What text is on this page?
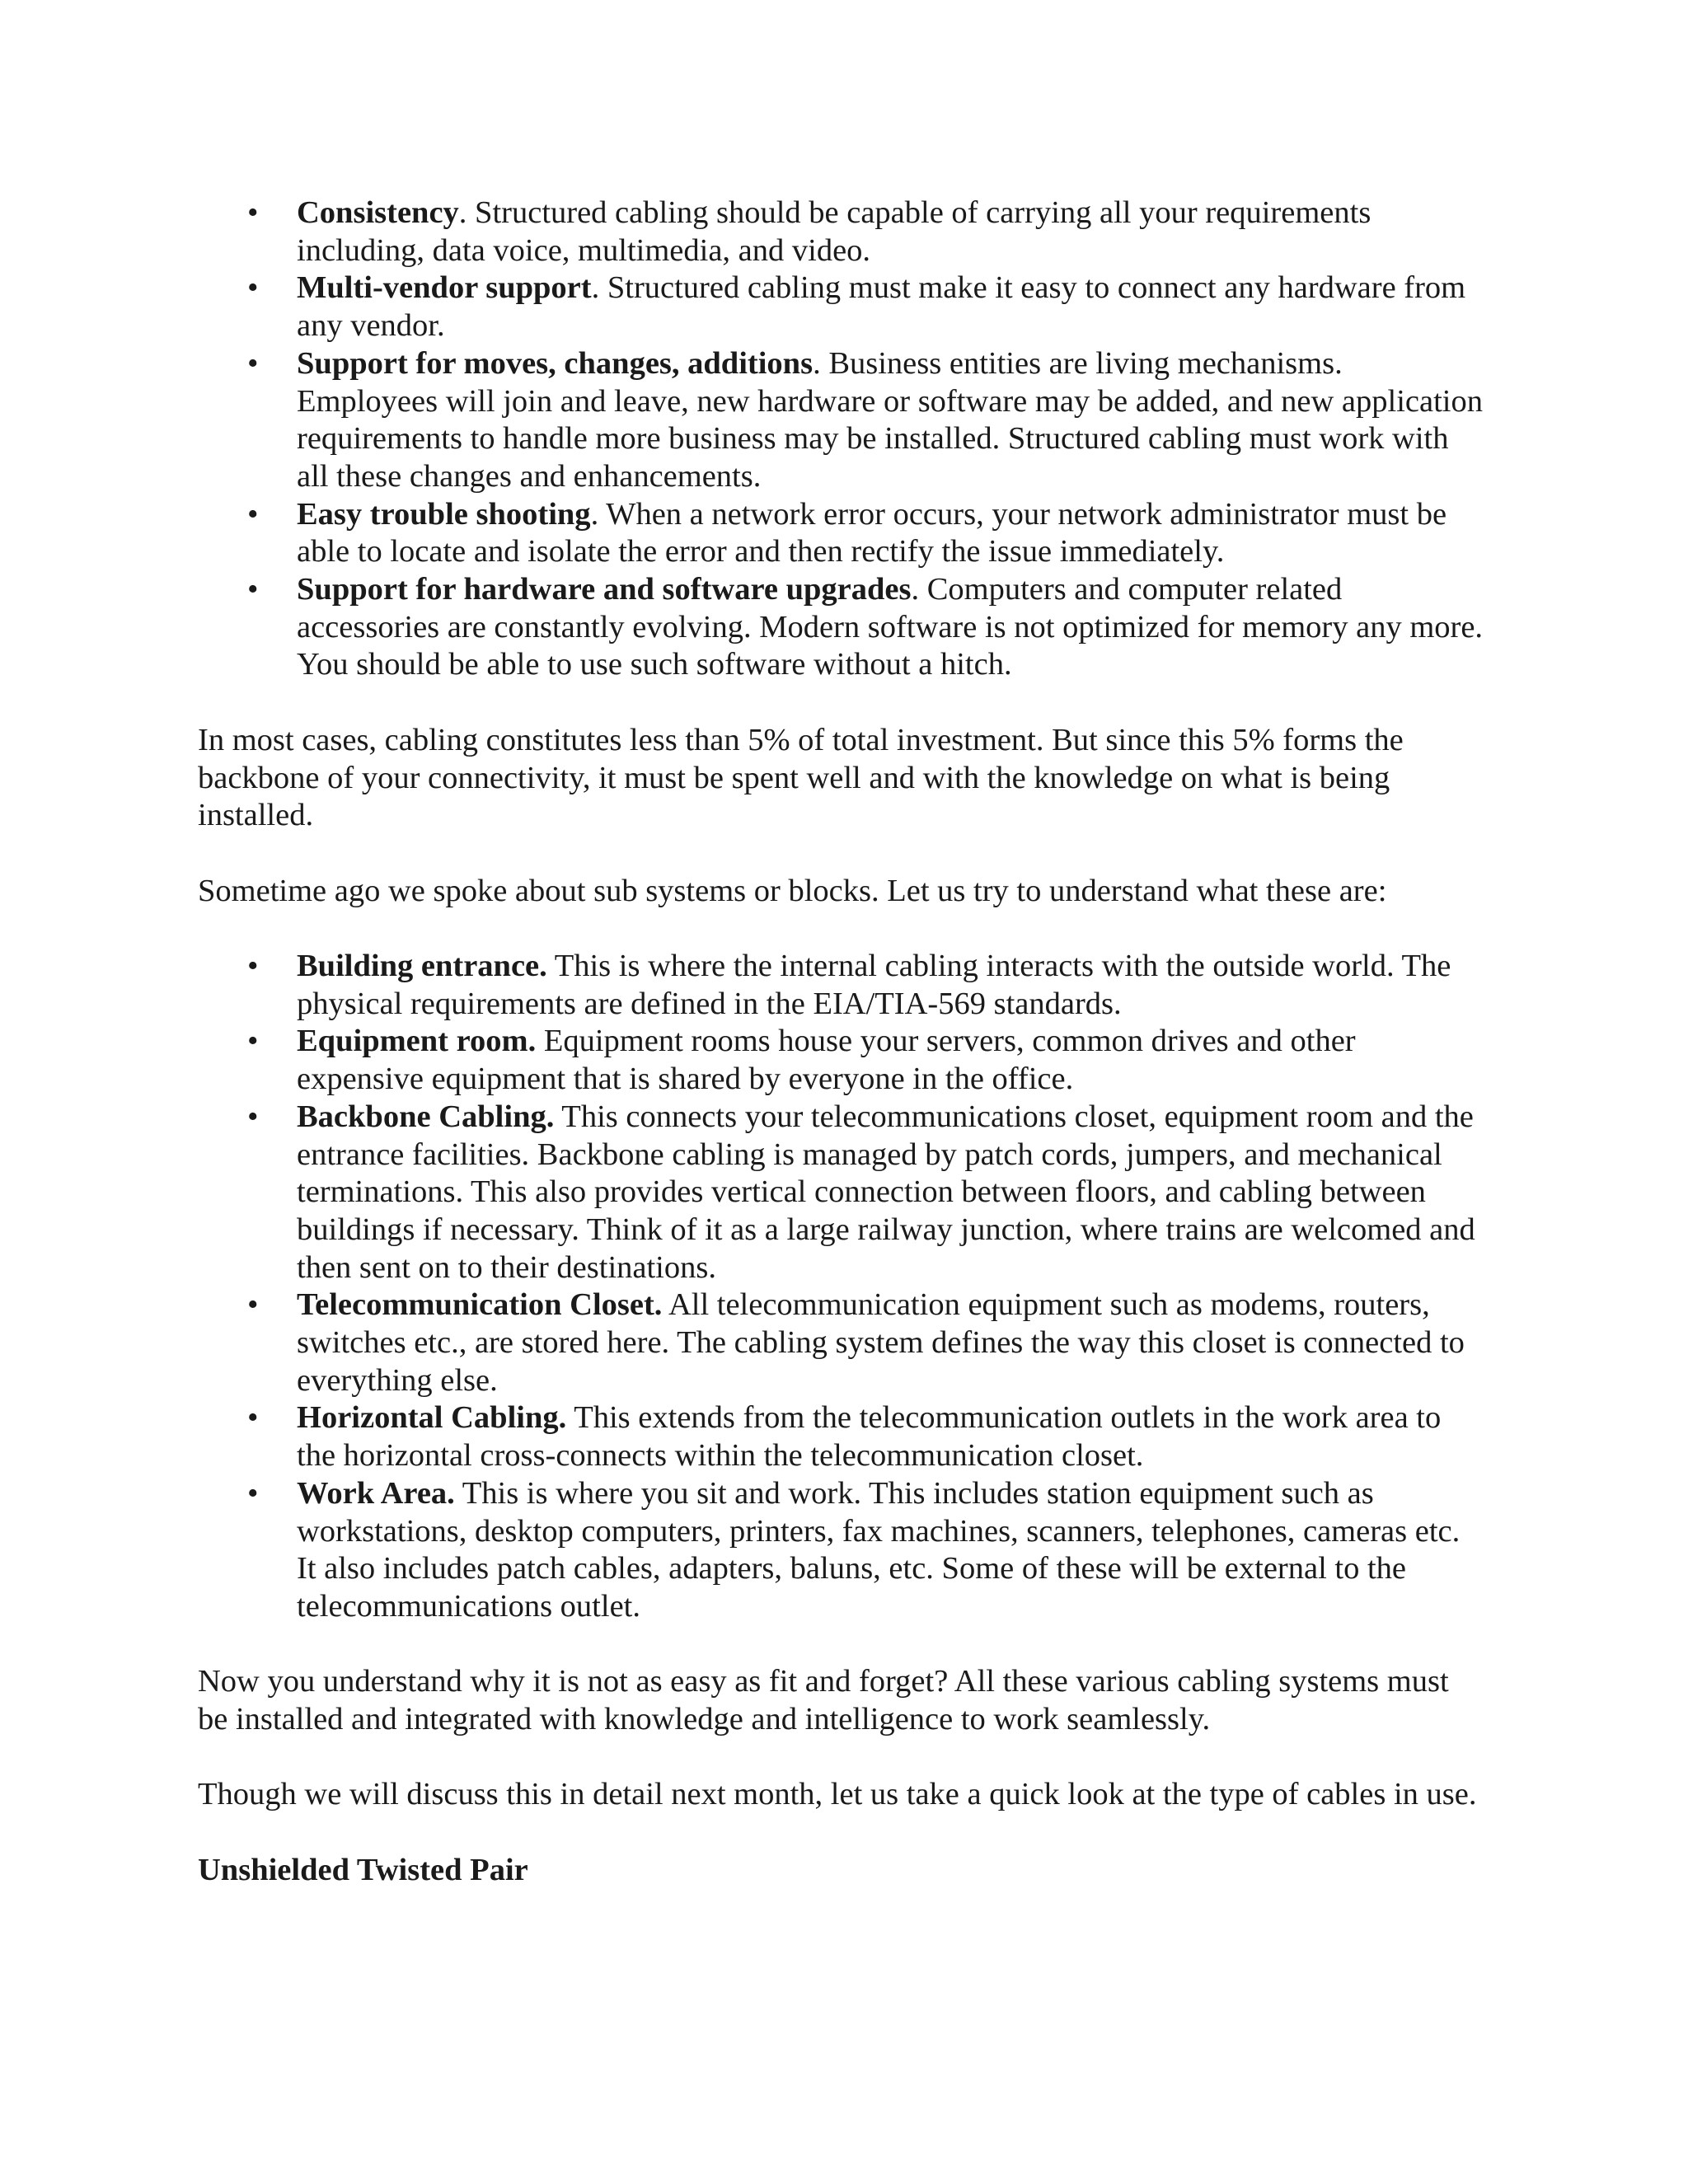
•	Consistency. Structured cabling should be capable of carrying all your requirements including, data voice, multimedia, and video.
•	Multi-vendor support. Structured cabling must make it easy to connect any hardware from any vendor.
•	Support for moves, changes, additions. Business entities are living mechanisms. Employees will join and leave, new hardware or software may be added, and new application requirements to handle more business may be installed. Structured cabling must work with all these changes and enhancements.
•	Easy trouble shooting. When a network error occurs, your network administrator must be able to locate and isolate the error and then rectify the issue immediately.
•	Support for hardware and software upgrades. Computers and computer related accessories are constantly evolving. Modern software is not optimized for memory any more. You should be able to use such software without a hitch.

In most cases, cabling constitutes less than 5% of total investment. But since this 5% forms the backbone of your connectivity, it must be spent well and with the knowledge on what is being installed.

Sometime ago we spoke about sub systems or blocks. Let us try to understand what these are:

•	Building entrance. This is where the internal cabling interacts with the outside world. The physical requirements are defined in the EIA/TIA-569 standards.
•	Equipment room. Equipment rooms house your servers, common drives and other expensive equipment that is shared by everyone in the office.
•	Backbone Cabling. This connects your telecommunications closet, equipment room and the entrance facilities. Backbone cabling is managed by patch cords, jumpers, and mechanical terminations. This also provides vertical connection between floors, and cabling between buildings if necessary. Think of it as a large railway junction, where trains are welcomed and then sent on to their destinations.
•	Telecommunication Closet. All telecommunication equipment such as modems, routers, switches etc., are stored here. The cabling system defines the way this closet is connected to everything else.
•	Horizontal Cabling. This extends from the telecommunication outlets in the work area to the horizontal cross-connects within the telecommunication closet.
•	Work Area. This is where you sit and work. This includes station equipment such as workstations, desktop computers, printers, fax machines, scanners, telephones, cameras etc. It also includes patch cables, adapters, baluns, etc. Some of these will be external to the telecommunications outlet.

Now you understand why it is not as easy as fit and forget? All these various cabling systems must be installed and integrated with knowledge and intelligence to work seamlessly.

Though we will discuss this in detail next month, let us take a quick look at the type of cables in use.

Unshielded Twisted Pair
